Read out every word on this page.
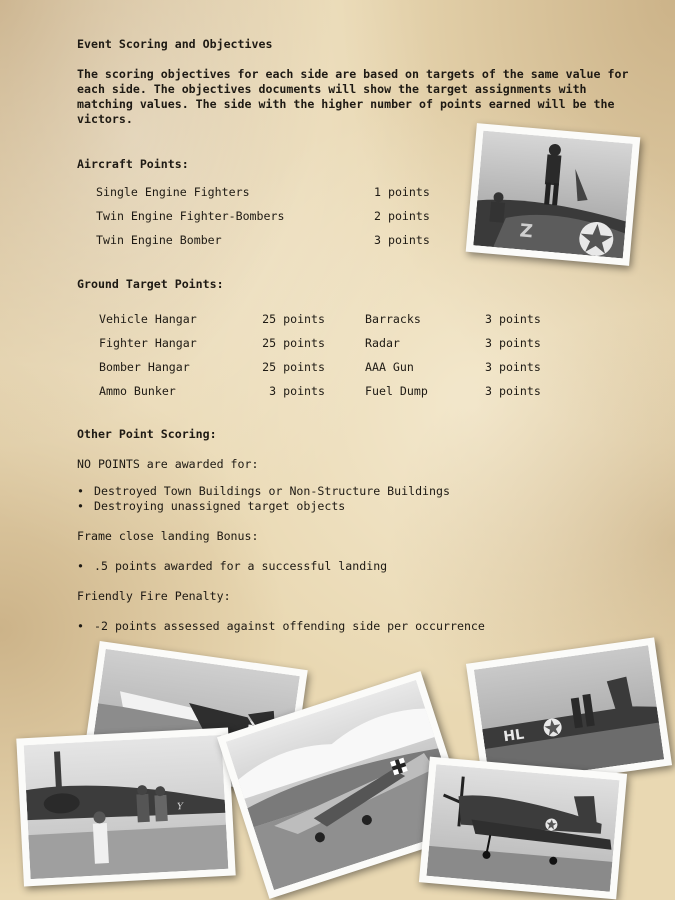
Event Scoring and Objectives
The scoring objectives for each side are based on targets of the same value for each side. The objectives documents will show the target assignments with matching values. The side with the higher number of points earned will be the victors.
Aircraft Points:
Single Engine Fighters	1 points
Twin Engine Fighter-Bombers	2 points
Twin Engine Bomber	3 points
Ground Target Points:
Vehicle Hangar	25 points	Barracks	3 points
Fighter Hangar	25 points	Radar	3 points
Bomber Hangar	25 points	AAA Gun	3 points
Ammo Bunker	3 points	Fuel Dump	3 points
Other Point Scoring:
NO POINTS are awarded for:
• Destroyed Town Buildings or Non-Structure Buildings
• Destroying unassigned target objects
Frame close landing Bonus:
• .5 points awarded for a successful landing
Friendly Fire Penalty:
• -2 points assessed against offending side per occurrence
Z
Y
HL
